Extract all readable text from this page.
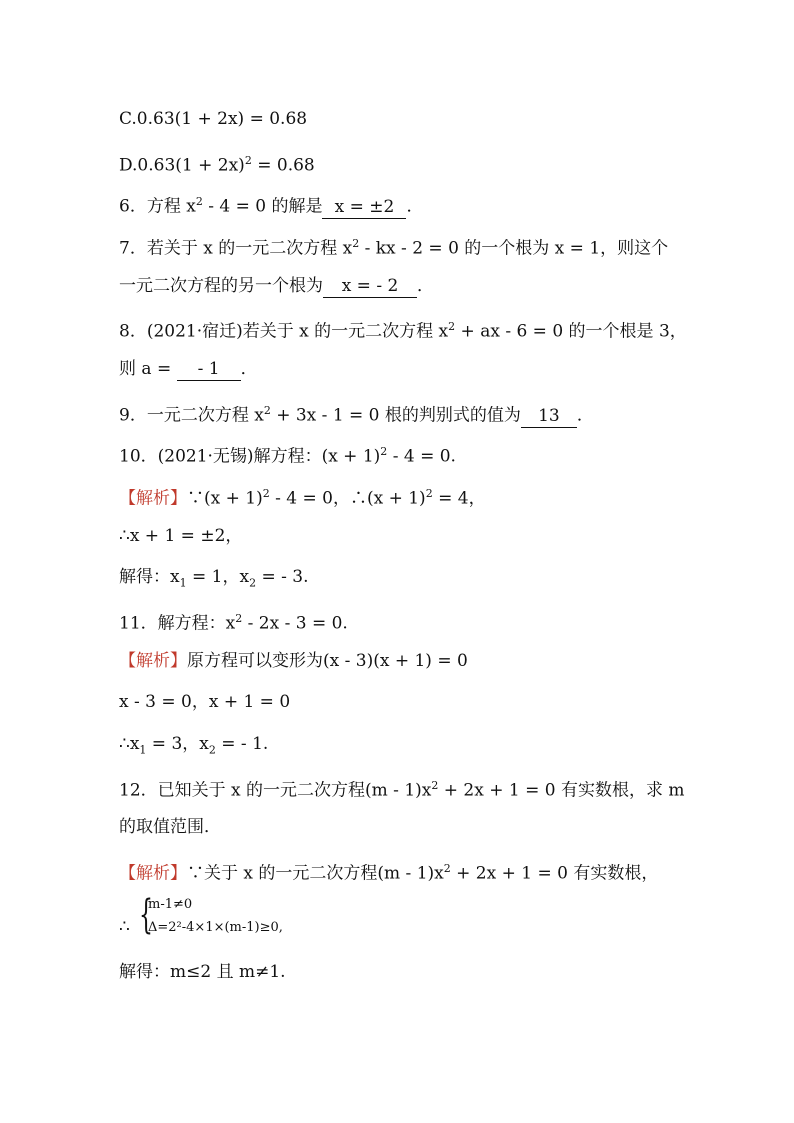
C.0.63(1 + 2x) = 0.68
$D.0.63(1 + 2x)^2 = 0.68$
6．方程 $x^2 - 4 = 0$ 的解是 x = ±2 ．
7．若关于 x 的一元二次方程 $x^2$ - kx - 2 = 0 的一个根为 x = 1，则这个
一元二次方程的另一个根为 x = - 2 ．
8．(2021·宿迁)若关于 x 的一元二次方程 $x^2$ + ax - 6 = 0 的一个根是 3，
则 a = - 1 ．
9．一元二次方程 $x^2 + 3x - 1 = 0$ 根的判别式的值为 13 ．
10．(2021·无锡)解方程：$(x + 1)^2 - 4 = 0$.
【解析】∵(x + 1)$^2$ - 4 = 0，∴(x + 1)$^2$ = 4，
∴x + 1 = ±2，
解得：$x_1 = 1$，$x_2$ = - 3.
11．解方程：$x^2 - 2x - 3 = 0$.
【解析】原方程可以变形为(x - 3)(x + 1) = 0
x - 3 = 0，x + 1 = 0
$\therefore x_1 = 3$，$x_2$ = - 1.
12．已知关于 x 的一元二次方程$(m - 1)x^2 + 2x + 1 = 0$ 有实数根，求 m
的取值范围．
【解析】∵关于 x 的一元二次方程$(m - 1)x^2 + 2x + 1 = 0$ 有实数根，
∴ {
m-1≠0
Δ=2²-4×1×(m-1)≥0,
解得：m≤2 且 m≠1.
